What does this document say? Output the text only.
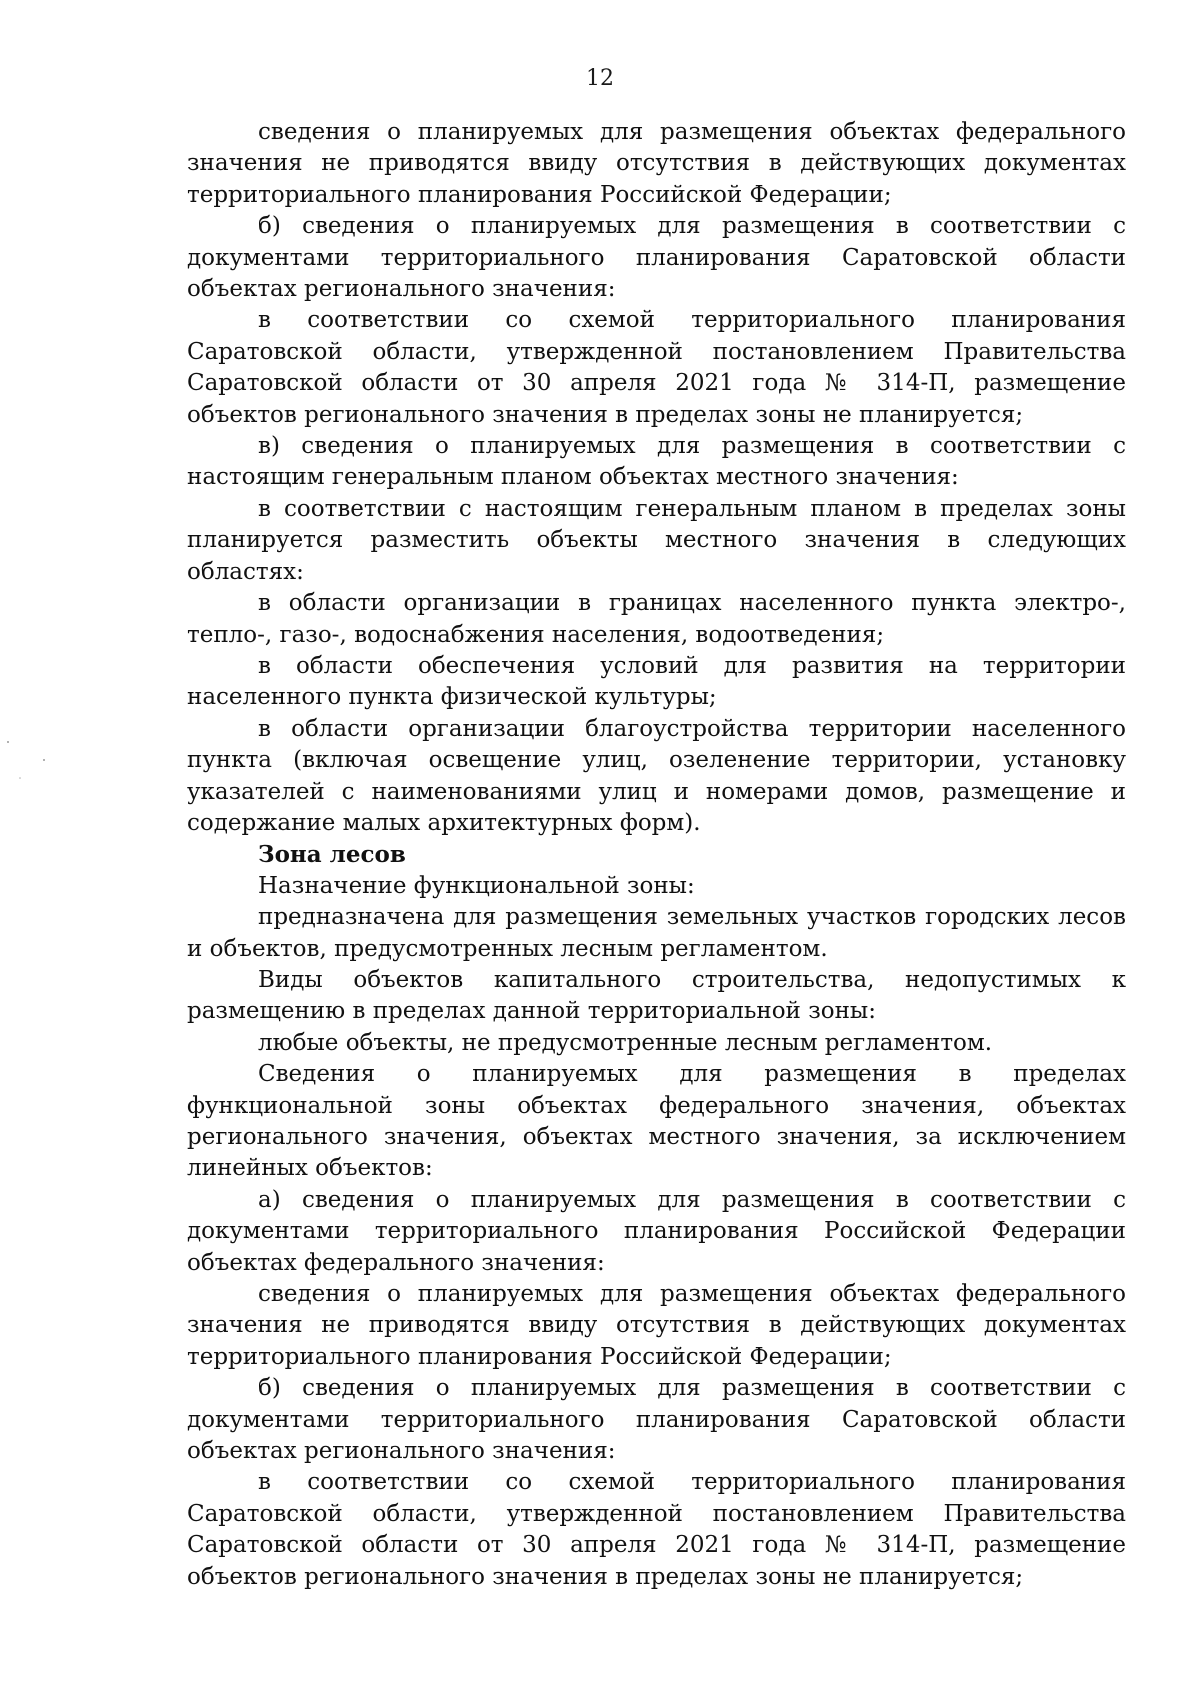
12

сведения о планируемых для размещения объектах федерального значения не приводятся ввиду отсутствия в действующих документах территориального планирования Российской Федерации;

б) сведения о планируемых для размещения в соответствии с документами территориального планирования Саратовской области объектах регионального значения:

в соответствии со схемой территориального планирования Саратовской области, утвержденной постановлением Правительства Саратовской области от 30 апреля 2021 года № 314-П, размещение объектов регионального значения в пределах зоны не планируется;

в) сведения о планируемых для размещения в соответствии с настоящим генеральным планом объектах местного значения:

в соответствии с настоящим генеральным планом в пределах зоны планируется разместить объекты местного значения в следующих областях:

в области организации в границах населенного пункта электро-, тепло-, газо-, водоснабжения населения, водоотведения;

в области обеспечения условий для развития на территории населенного пункта физической культуры;

в области организации благоустройства территории населенного пункта (включая освещение улиц, озеленение территории, установку указателей с наименованиями улиц и номерами домов, размещение и содержание малых архитектурных форм).

Зона лесов

Назначение функциональной зоны:

предназначена для размещения земельных участков городских лесов и объектов, предусмотренных лесным регламентом.

Виды объектов капитального строительства, недопустимых к размещению в пределах данной территориальной зоны:

любые объекты, не предусмотренные лесным регламентом.

Сведения о планируемых для размещения в пределах функциональной зоны объектах федерального значения, объектах регионального значения, объектах местного значения, за исключением линейных объектов:

а) сведения о планируемых для размещения в соответствии с документами территориального планирования Российской Федерации объектах федерального значения:

сведения о планируемых для размещения объектах федерального значения не приводятся ввиду отсутствия в действующих документах территориального планирования Российской Федерации;

б) сведения о планируемых для размещения в соответствии с документами территориального планирования Саратовской области объектах регионального значения:

в соответствии со схемой территориального планирования Саратовской области, утвержденной постановлением Правительства Саратовской области от 30 апреля 2021 года № 314-П, размещение объектов регионального значения в пределах зоны не планируется;
